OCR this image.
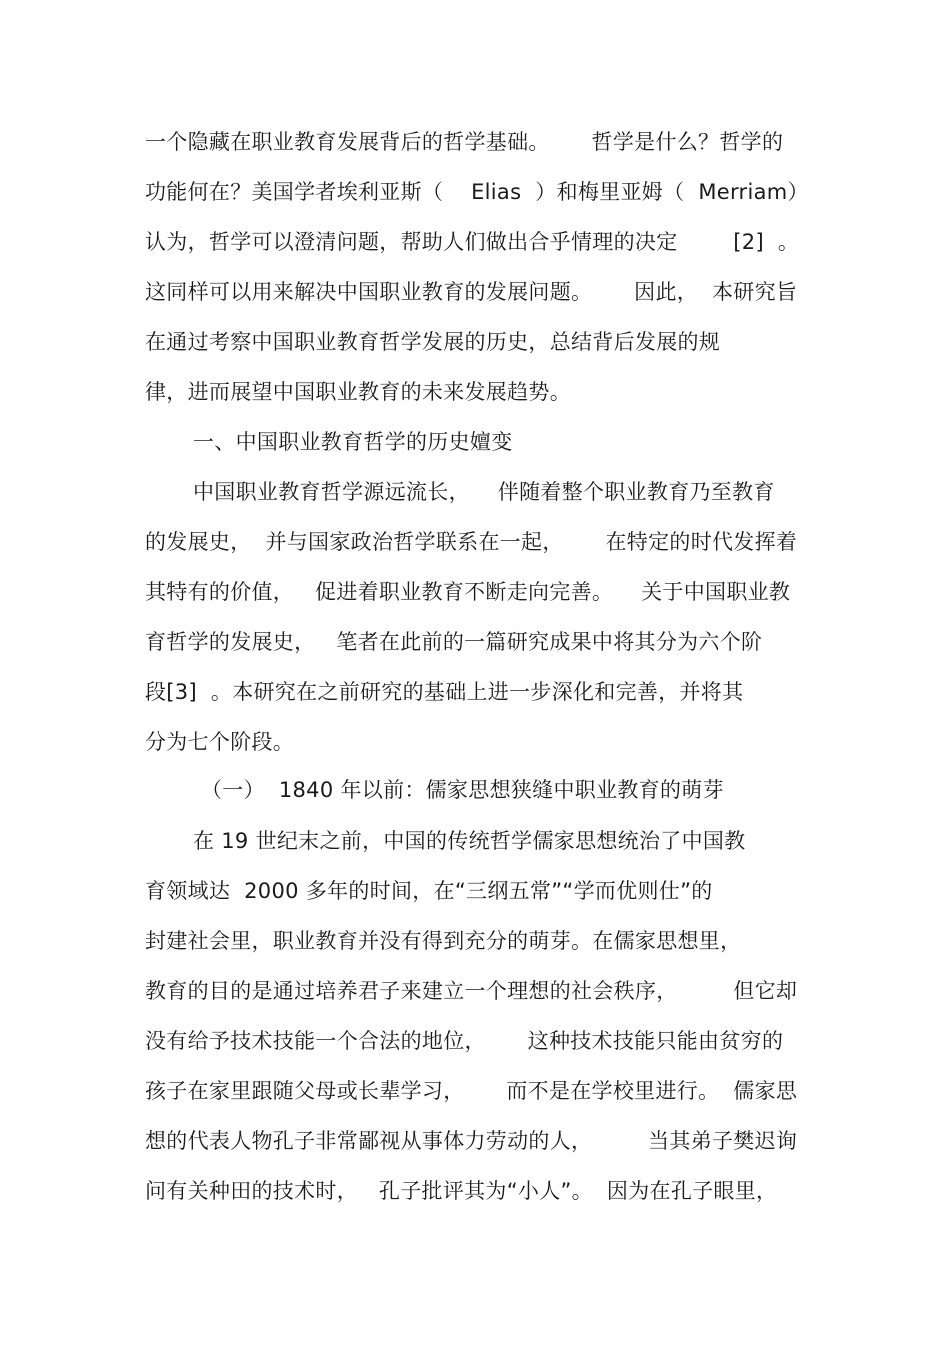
一个隐藏在职业教育发展背后的哲学基础。      哲学是什么？哲学的
功能何在？美国学者埃利亚斯（    Elias  ）和梅里亚姆（  Merriam）
认为，哲学可以澄清问题，帮助人们做出合乎情理的决定        [2]  。
这同样可以用来解决中国职业教育的发展问题。      因此，  本研究旨
在通过考察中国职业教育哲学发展的历史，总结背后发展的规
律，进而展望中国职业教育的未来发展趋势。
一、中国职业教育哲学的历史嬗变
中国职业教育哲学源远流长，    伴随着整个职业教育乃至教育
的发展史，  并与国家政治哲学联系在一起，      在特定的时代发挥着
其特有的价值，   促进着职业教育不断走向完善。    关于中国职业教
育哲学的发展史，   笔者在此前的一篇研究成果中将其分为六个阶
段[3]  。本研究在之前研究的基础上进一步深化和完善，并将其
分为七个阶段。
（一）  1840 年以前：儒家思想狭缝中职业教育的萌芽
在 19 世纪末之前，中国的传统哲学儒家思想统治了中国教
育领域达  2000 多年的时间，在“三纲五常”“学而优则仕”的
封建社会里，职业教育并没有得到充分的萌芽。在儒家思想里，
教育的目的是通过培养君子来建立一个理想的社会秩序，        但它却
没有给予技术技能一个合法的地位，      这种技术技能只能由贫穷的
孩子在家里跟随父母或长辈学习，      而不是在学校里进行。  儒家思
想的代表人物孔子非常鄙视从事体力劳动的人，        当其弟子樊迟询
问有关种田的技术时，   孔子批评其为“小人”。  因为在孔子眼里，
